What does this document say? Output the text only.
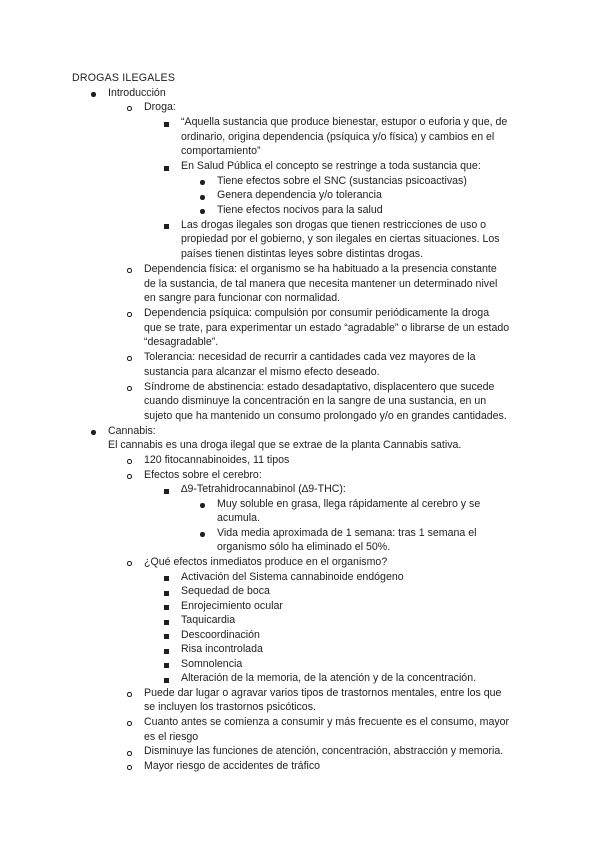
DROGAS ILEGALES
Introducción
Droga:
“Aquella sustancia que produce bienestar, estupor o euforia y que, de
ordinario, origina dependencia (psíquica y/o física) y cambios en el
comportamiento”
En Salud Pública el concepto se restringe a toda sustancia que:
Tiene efectos sobre el SNC (sustancias psicoactivas)
Genera dependencia y/o tolerancia
Tiene efectos nocivos para la salud
Las drogas ilegales son drogas que tienen restricciones de uso o
propiedad por el gobierno, y son ilegales en ciertas situaciones. Los
países tienen distintas leyes sobre distintas drogas.
Dependencia física: el organismo se ha habituado a la presencia constante
de la sustancia, de tal manera que necesita mantener un determinado nivel
en sangre para funcionar con normalidad.
Dependencia psíquica: compulsión por consumir periódicamente la droga
que se trate, para experimentar un estado “agradable” o librarse de un estado
“desagradable”.
Tolerancia: necesidad de recurrir a cantidades cada vez mayores de la
sustancia para alcanzar el mismo efecto deseado.
Síndrome de abstinencia: estado desadaptativo, displacentero que sucede
cuando disminuye la concentración en la sangre de una sustancia, en un
sujeto que ha mantenido un consumo prolongado y/o en grandes cantidades.
Cannabis:
El cannabis es una droga ilegal que se extrae de la planta Cannabis sativa.
120 fitocannabinoides, 11 tipos
Efectos sobre el cerebro:
∆9-Tetrahidrocannabinol (∆9-THC):
Muy soluble en grasa, llega rápidamente al cerebro y se
acumula.
Vida media aproximada de 1 semana: tras 1 semana el
organismo sólo ha eliminado el 50%.
¿Qué efectos inmediatos produce en el organismo?
Activación del Sistema cannabinoide endógeno
Sequedad de boca
Enrojecimiento ocular
Taquicardia
Descoordinación
Risa incontrolada
Somnolencia
Alteración de la memoria, de la atención y de la concentración.
Puede dar lugar o agravar varios tipos de trastornos mentales, entre los que
se incluyen los trastornos psicóticos.
Cuanto antes se comienza a consumir y más frecuente es el consumo, mayor
es el riesgo
Disminuye las funciones de atención, concentración, abstracción y memoria.
Mayor riesgo de accidentes de tráfico
